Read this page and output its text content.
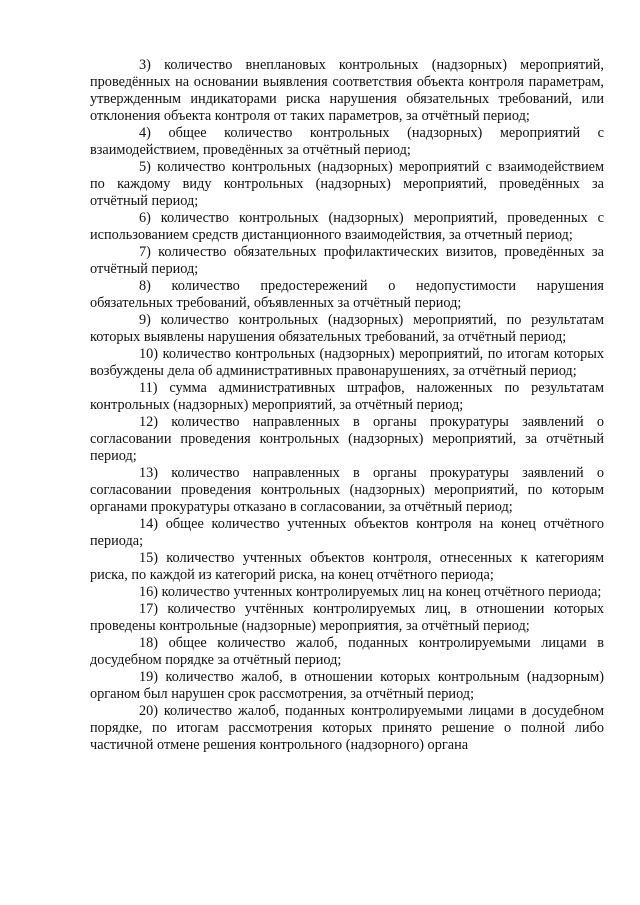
3) количество внеплановых контрольных (надзорных) мероприятий, проведённых на основании выявления соответствия объекта контроля параметрам, утвержденным индикаторами риска нарушения обязательных требований, или отклонения объекта контроля от таких параметров, за отчётный период;

4) общее количество контрольных (надзорных) мероприятий с взаимодействием, проведённых за отчётный период;

5) количество контрольных (надзорных) мероприятий с взаимодействием по каждому виду контрольных (надзорных) мероприятий, проведённых за отчётный период;

6) количество контрольных (надзорных) мероприятий, проведенных с использованием средств дистанционного взаимодействия, за отчетный период;

7) количество обязательных профилактических визитов, проведённых за отчётный период;

8) количество предостережений о недопустимости нарушения обязательных требований, объявленных за отчётный период;

9) количество контрольных (надзорных) мероприятий, по результатам которых выявлены нарушения обязательных требований, за отчётный период;

10) количество контрольных (надзорных) мероприятий, по итогам которых возбуждены дела об административных правонарушениях, за отчётный период;

11) сумма административных штрафов, наложенных по результатам контрольных (надзорных) мероприятий, за отчётный период;

12) количество направленных в органы прокуратуры заявлений о согласовании проведения контрольных (надзорных) мероприятий, за отчётный период;

13) количество направленных в органы прокуратуры заявлений о согласовании проведения контрольных (надзорных) мероприятий, по которым органами прокуратуры отказано в согласовании, за отчётный период;

14) общее количество учтенных объектов контроля на конец отчётного периода;

15) количество учтенных объектов контроля, отнесенных к категориям риска, по каждой из категорий риска, на конец отчётного периода;

16) количество учтенных контролируемых лиц на конец отчётного периода;

17) количество учтённых контролируемых лиц, в отношении которых проведены контрольные (надзорные) мероприятия, за отчётный период;

18) общее количество жалоб, поданных контролируемыми лицами в досудебном порядке за отчётный период;

19) количество жалоб, в отношении которых контрольным (надзорным) органом был нарушен срок рассмотрения, за отчётный период;

20) количество жалоб, поданных контролируемыми лицами в досудебном порядке, по итогам рассмотрения которых принято решение о полной либо частичной отмене решения контрольного (надзорного) органа
